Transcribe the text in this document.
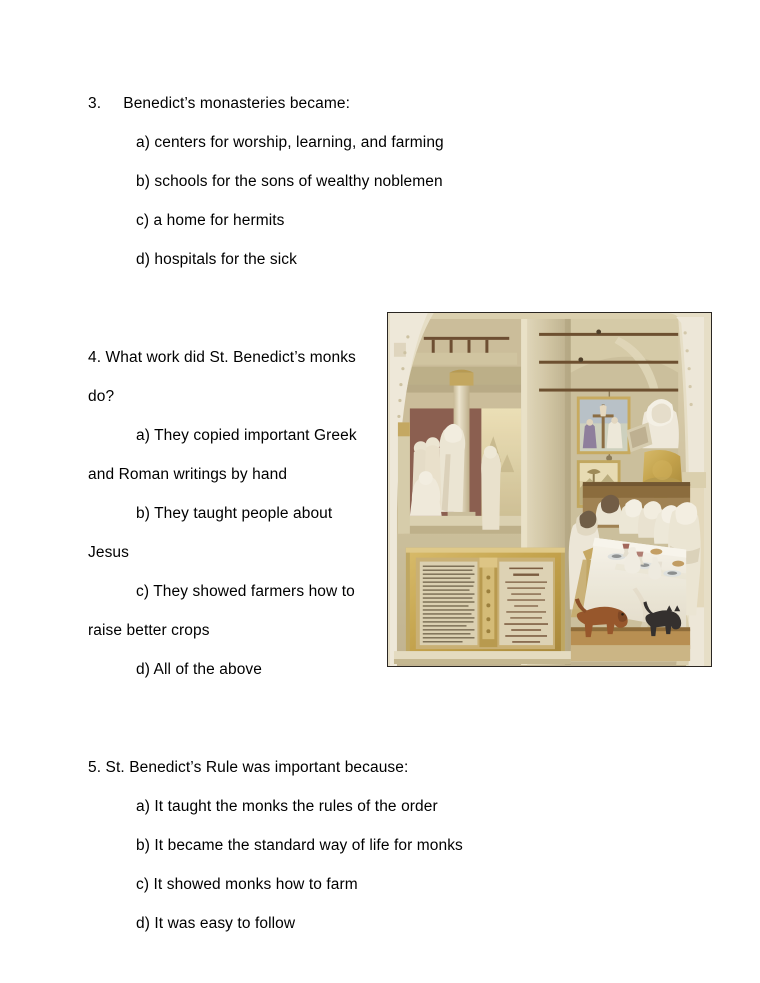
3.	Benedict’s monasteries became:
a) centers for worship, learning, and farming
b) schools for the sons of wealthy noblemen
c) a home for hermits
d) hospitals for the sick
4. What work did St. Benedict’s monks do?
a) They copied important Greek and Roman writings by hand
b) They taught people about Jesus
c) They showed farmers how to raise better crops
d) All of the above
5. St. Benedict’s Rule was important because:
a) It taught the monks the rules of the order
b) It became the standard way of life for monks
c) It showed monks how to farm
d) It was easy to follow
